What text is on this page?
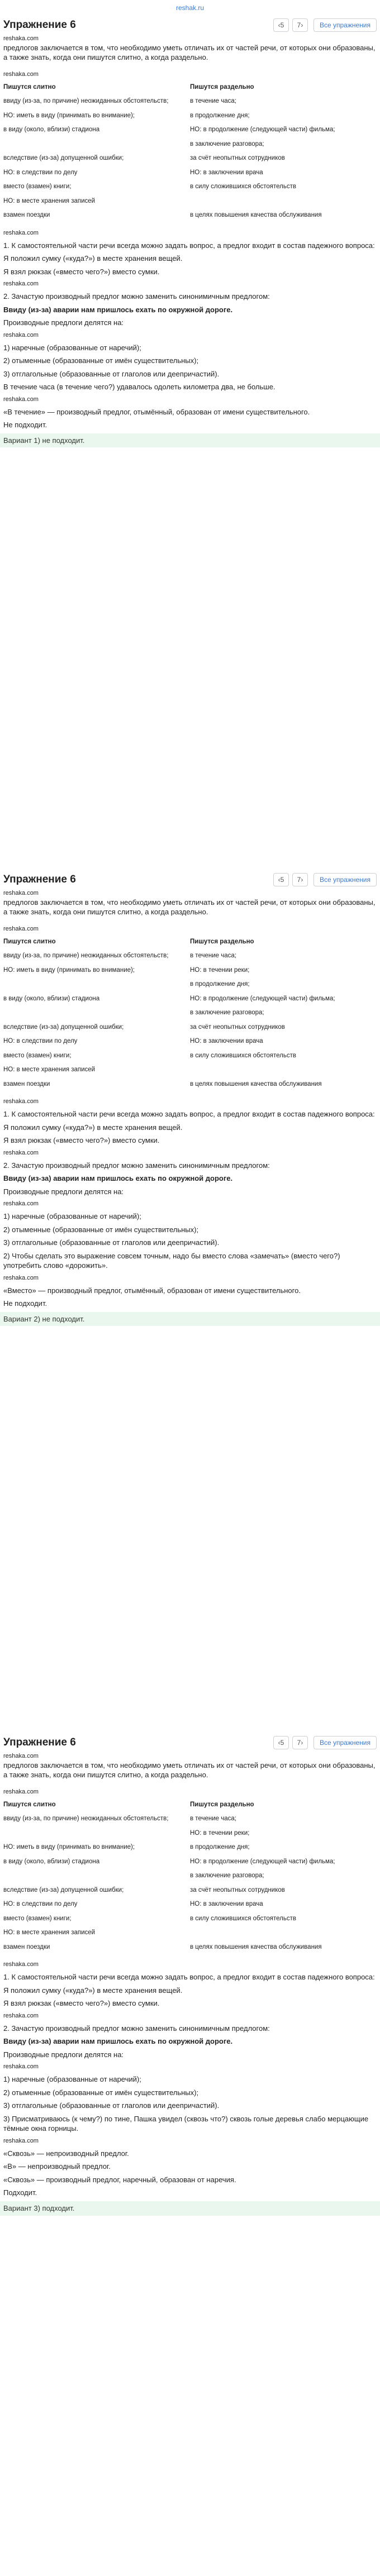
reshak.ru
Упражнение 6	‹ 5 7 ›	Все упражнения
reshaka.com
предлогов заключается в том, что необходимо уметь отличать их от частей речи, от которых они образованы, а также знать, когда они пишутся слитно, а когда раздельно.
reshaka.com
Пишутся слитно	Пишутся раздельно
ввиду (из-за, по причине) неожиданных обстоятельств;	в течение часа;
НО: иметь в виду (принимать во внимание);	в продолжение дня;
в виду (около, вблизи) стадиона	НО: в продолжение (следующей части) фильма;
	в заключение разговора;
вследствие (из-за) допущенной ошибки;	за счёт неопытных сотрудников
НО: в следствии по делу	НО: в заключении врача
вместо (взамен) книги;	в силу сложившихся обстоятельств
НО: в месте хранения записей	
взамен поездки	в целях повышения качества обслуживания
reshaka.com
1. К самостоятельной части речи всегда можно задать вопрос, а предлог входит в состав падежного вопроса:
Я положил сумку («куда?») в месте хранения вещей.
Я взял рюкзак («вместо чего?») вместо сумки.
reshaka.com
2. Зачастую производный предлог можно заменить синонимичным предлогом:
Ввиду (из-за) аварии нам пришлось ехать по окружной дороге.
Производные предлоги делятся на:
reshaka.com
1) наречные (образованные от наречий);
2) отыменные (образованные от имён существительных);
3) отглагольные (образованные от глаголов или деепричастий).
В течение часа (в течение чего?) удавалось одолеть километра два, не больше.
reshaka.com
«В течение» — производный предлог, отымённый, образован от имени существительного.
Не подходит.
Вариант 1) не подходит.
Упражнение 6	‹ 5 7 ›	Все упражнения
reshaka.com
предлогов заключается в том, что необходимо уметь отличать их от частей речи, от которых они образованы, а также знать, когда они пишутся слитно, а когда раздельно.
reshaka.com
Пишутся слитно	Пишутся раздельно
ввиду (из-за, по причине) неожиданных обстоятельств;	в течение часа;
НО: иметь в виду (принимать во внимание);	НО: в течении реки;
	в продолжение дня;
в виду (около, вблизи) стадиона	НО: в продолжение (следующей части) фильма;
	в заключение разговора;
вследствие (из-за) допущенной ошибки;	за счёт неопытных сотрудников
НО: в следствии по делу	НО: в заключении врача
вместо (взамен) книги;	в силу сложившихся обстоятельств
НО: в месте хранения записей	
взамен поездки	в целях повышения качества обслуживания
reshaka.com
1. К самостоятельной части речи всегда можно задать вопрос, а предлог входит в состав падежного вопроса:
Я положил сумку («куда?») в месте хранения вещей.
Я взял рюкзак («вместо чего?») вместо сумки.
reshaka.com
2. Зачастую производный предлог можно заменить синонимичным предлогом:
Ввиду (из-за) аварии нам пришлось ехать по окружной дороге.
Производные предлоги делятся на:
reshaka.com
1) наречные (образованные от наречий);
2) отыменные (образованные от имён существительных);
3) отглагольные (образованные от глаголов или деепричастий).
2) Чтобы сделать это выражение совсем точным, надо бы вместо слова «замечать» (вместо чего?) употребить слово «дорожить».
reshaka.com
«Вместо» — производный предлог, отымённый, образован от имени существительного.
Не подходит.
Вариант 2) не подходит.
Упражнение 6	‹ 5 7 ›	Все упражнения
reshaka.com
предлогов заключается в том, что необходимо уметь отличать их от частей речи, от которых они образованы, а также знать, когда они пишутся слитно, а когда раздельно.
reshaka.com
Пишутся слитно	Пишутся раздельно
ввиду (из-за, по причине) неожиданных обстоятельств;	в течение часа;
	НО: в течении реки;
НО: иметь в виду (принимать во внимание);	в продолжение дня;
в виду (около, вблизи) стадиона	НО: в продолжение (следующей части) фильма;
	в заключение разговора;
вследствие (из-за) допущенной ошибки;	за счёт неопытных сотрудников
НО: в следствии по делу	НО: в заключении врача
вместо (взамен) книги;	в силу сложившихся обстоятельств
НО: в месте хранения записей	
взамен поездки	в целях повышения качества обслуживания
reshaka.com
1. К самостоятельной части речи всегда можно задать вопрос, а предлог входит в состав падежного вопроса:
Я положил сумку («куда?») в месте хранения вещей.
Я взял рюкзак («вместо чего?») вместо сумки.
reshaka.com
2. Зачастую производный предлог можно заменить синонимичным предлогом:
Ввиду (из-за) аварии нам пришлось ехать по окружной дороге.
Производные предлоги делятся на:
reshaka.com
1) наречные (образованные от наречий);
2) отыменные (образованные от имён существительных);
3) отглагольные (образованные от глаголов или деепричастий).
3) Присматриваюсь (к чему?) по тине, Пашка увидел (сквозь что?) сквозь голые деревья слабо мерцающие тёмные окна горницы.
reshaka.com
«Сквозь» — непроизводный предлог.
«В» — непроизводный предлог.
«Сквозь» — производный предлог, наречный, образован от наречия.
Подходит.
Вариант 3) подходит.
